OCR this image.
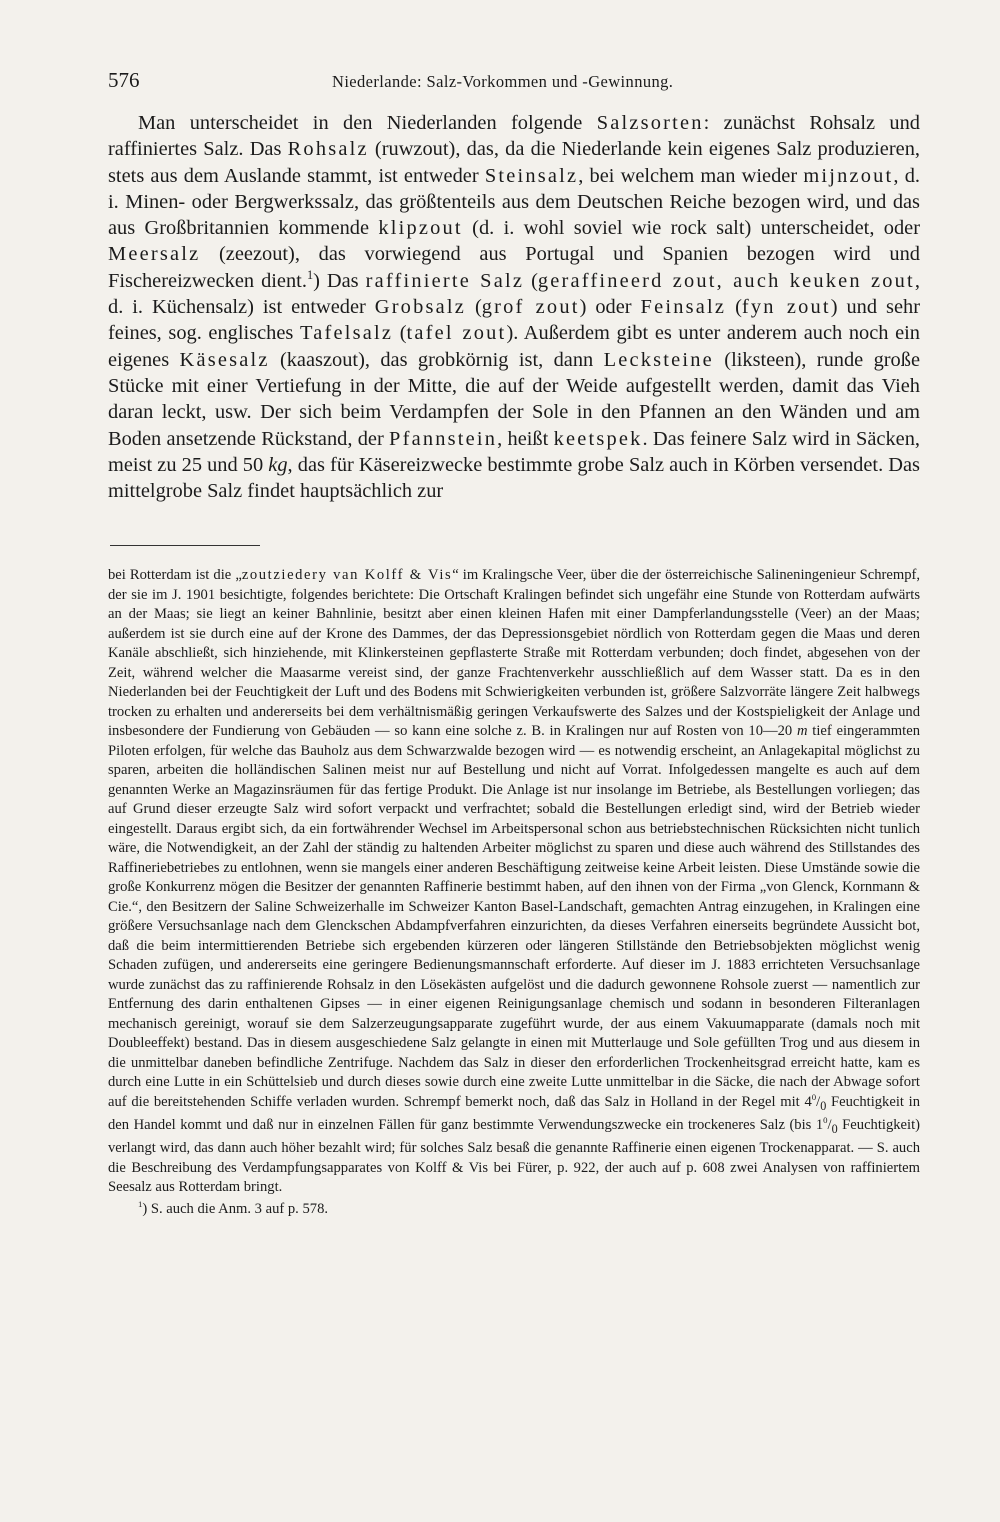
576	Niederlande: Salz-Vorkommen und -Gewinnung.

Man unterscheidet in den Niederlanden folgende Salzsorten: zunächst Rohsalz und raffiniertes Salz. Das Rohsalz (ruwzout), das, da die Niederlande kein eigenes Salz produzieren, stets aus dem Auslande stammt, ist entweder Steinsalz, bei welchem man wieder mijnzout, d. i. Minen- oder Bergwerkssalz, das größtenteils aus dem Deutschen Reiche bezogen wird, und das aus Großbritannien kommende klipzout (d. i. wohl soviel wie rock salt) unterscheidet, oder Meersalz (zeezout), das vorwiegend aus Portugal und Spanien bezogen wird und Fischereizwecken dient.$^1$) Das raffinierte Salz (geraffineerd zout, auch keuken zout, d. i. Küchensalz) ist entweder Grobsalz (grof zout) oder Feinsalz (fyn zout) und sehr feines, sog. englisches Tafelsalz (tafel zout). Außerdem gibt es unter anderem auch noch ein eigenes Käsesalz (kaaszout), das grobkörnig ist, dann Lecksteine (liksteen), runde große Stücke mit einer Vertiefung in der Mitte, die auf der Weide aufgestellt werden, damit das Vieh daran leckt, usw. Der sich beim Verdampfen der Sole in den Pfannen an den Wänden und am Boden ansetzende Rückstand, der Pfannstein, heißt keetspek. Das feinere Salz wird in Säcken, meist zu 25 und 50 kg, das für Käsereizwecke bestimmte grobe Salz auch in Körben versendet. Das mittelgrobe Salz findet hauptsächlich zur

bei Rotterdam ist die „zoutziedery van Kolff & Vis“ im Kralingsche Veer, über die der österreichische Salineningenieur Schrempf, der sie im J. 1901 besichtigte, folgendes berichtete: Die Ortschaft Kralingen befindet sich ungefähr eine Stunde von Rotterdam aufwärts an der Maas; sie liegt an keiner Bahnlinie, besitzt aber einen kleinen Hafen mit einer Dampferlandungsstelle (Veer) an der Maas; außerdem ist sie durch eine auf der Krone des Dammes, der das Depressionsgebiet nördlich von Rotterdam gegen die Maas und deren Kanäle abschließt, sich hinziehende, mit Klinkersteinen gepflasterte Straße mit Rotterdam verbunden; doch findet, abgesehen von der Zeit, während welcher die Maasarme vereist sind, der ganze Frachtenverkehr ausschließlich auf dem Wasser statt. Da es in den Niederlanden bei der Feuchtigkeit der Luft und des Bodens mit Schwierigkeiten verbunden ist, größere Salzvorräte längere Zeit halbwegs trocken zu erhalten und andererseits bei dem verhältnismäßig geringen Verkaufswerte des Salzes und der Kostspieligkeit der Anlage und insbesondere der Fundierung von Gebäuden — so kann eine solche z. B. in Kralingen nur auf Rosten von 10—20 m tief eingerammten Piloten erfolgen, für welche das Bauholz aus dem Schwarzwalde bezogen wird — es notwendig erscheint, an Anlagekapital möglichst zu sparen, arbeiten die holländischen Salinen meist nur auf Bestellung und nicht auf Vorrat. Infolgedessen mangelte es auch auf dem genannten Werke an Magazinsräumen für das fertige Produkt. Die Anlage ist nur insolange im Betriebe, als Bestellungen vorliegen; das auf Grund dieser erzeugte Salz wird sofort verpackt und verfrachtet; sobald die Bestellungen erledigt sind, wird der Betrieb wieder eingestellt. Daraus ergibt sich, da ein fortwährender Wechsel im Arbeitspersonal schon aus betriebstechnischen Rücksichten nicht tunlich wäre, die Notwendigkeit, an der Zahl der ständig zu haltenden Arbeiter möglichst zu sparen und diese auch während des Stillstandes des Raffineriebetriebes zu entlohnen, wenn sie mangels einer anderen Beschäftigung zeitweise keine Arbeit leisten. Diese Umstände sowie die große Konkurrenz mögen die Besitzer der genannten Raffinerie bestimmt haben, auf den ihnen von der Firma „von Glenck, Kornmann & Cie.“, den Besitzern der Saline Schweizerhalle im Schweizer Kanton Basel-Landschaft, gemachten Antrag einzugehen, in Kralingen eine größere Versuchsanlage nach dem Glenckschen Abdampfverfahren einzurichten, da dieses Verfahren einerseits begründete Aussicht bot, daß die beim intermittierenden Betriebe sich ergebenden kürzeren oder längeren Stillstände den Betriebsobjekten möglichst wenig Schaden zufügen, und andererseits eine geringere Bedienungsmannschaft erforderte. Auf dieser im J. 1883 errichteten Versuchsanlage wurde zunächst das zu raffinierende Rohsalz in den Lösekästen aufgelöst und die dadurch gewonnene Rohsole zuerst — namentlich zur Entfernung des darin enthaltenen Gipses — in einer eigenen Reinigungsanlage chemisch und sodann in besonderen Filteranlagen mechanisch gereinigt, worauf sie dem Salzerzeugungsapparate zugeführt wurde, der aus einem Vakuumapparate (damals noch mit Doubleeffekt) bestand. Das in diesem ausgeschiedene Salz gelangte in einen mit Mutterlauge und Sole gefüllten Trog und aus diesem in die unmittelbar daneben befindliche Zentrifuge. Nachdem das Salz in dieser den erforderlichen Trockenheitsgrad erreicht hatte, kam es durch eine Lutte in ein Schüttelsieb und durch dieses sowie durch eine zweite Lutte unmittelbar in die Säcke, die nach der Abwage sofort auf die bereitstehenden Schiffe verladen wurden. Schrempf bemerkt noch, daß das Salz in Holland in der Regel mit $4^0/_0$ Feuchtigkeit in den Handel kommt und daß nur in einzelnen Fällen für ganz bestimmte Verwendungszwecke ein trockeneres Salz (bis $1^0/_0$ Feuchtigkeit) verlangt wird, das dann auch höher bezahlt wird; für solches Salz besaß die genannte Raffinerie einen eigenen Trockenapparat. — S. auch die Beschreibung des Verdampfungsapparates von Kolff & Vis bei Fürer, p. 922, der auch auf p. 608 zwei Analysen von raffiniertem Seesalz aus Rotterdam bringt.

$^1$) S. auch die Anm. 3 auf p. 578.
